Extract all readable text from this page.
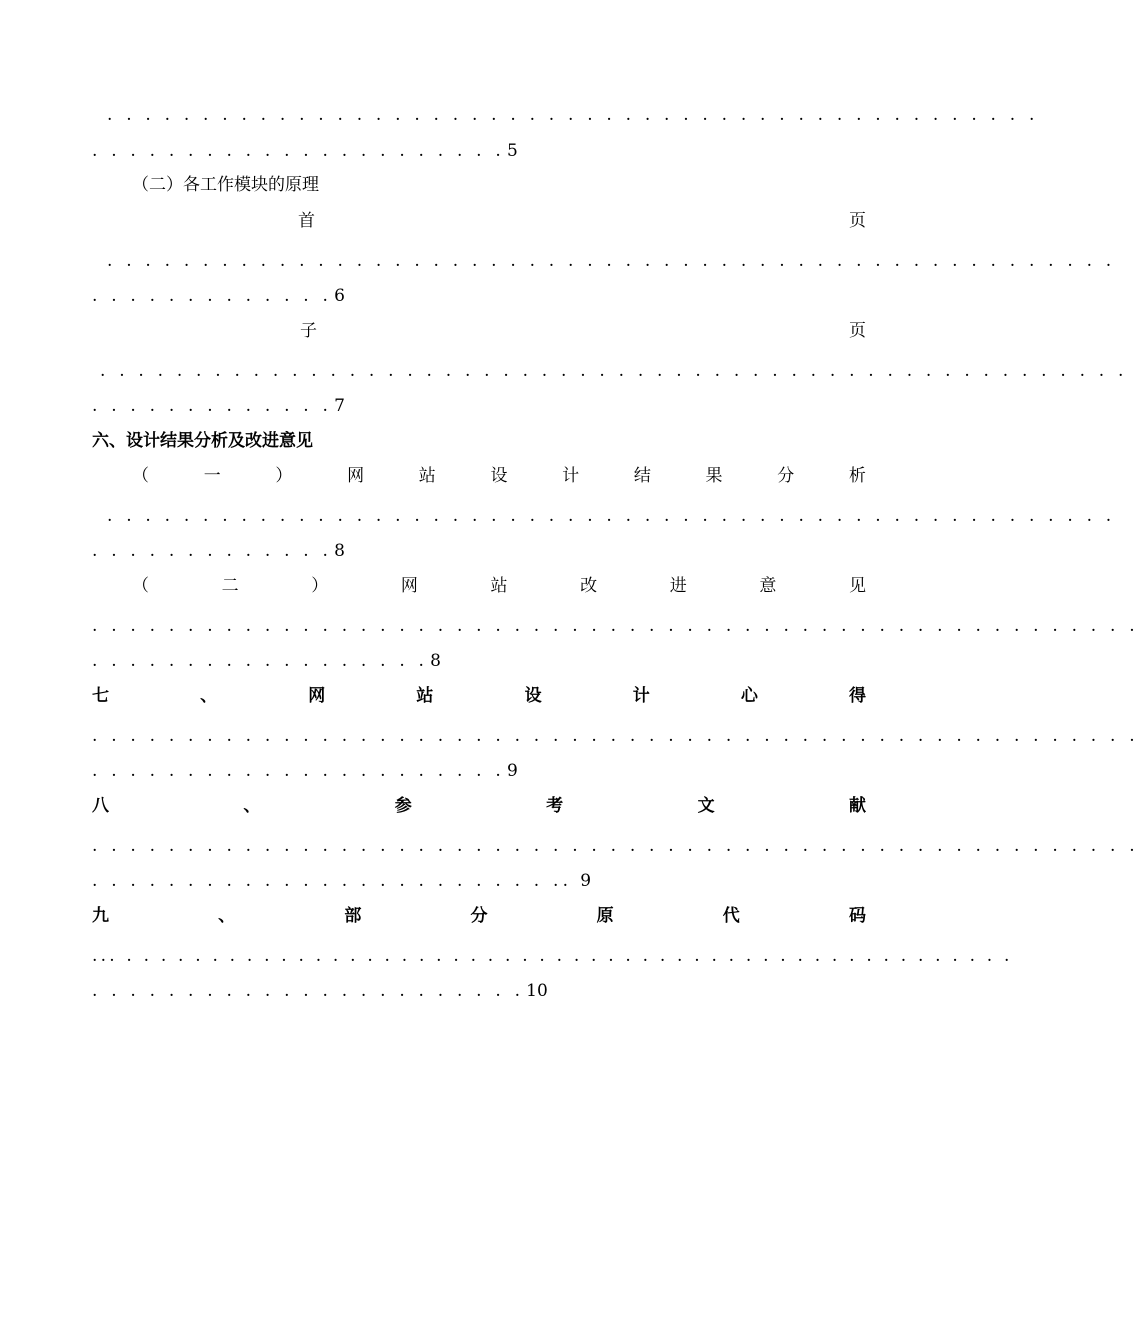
. . . . . . . . . . . . . . . . . . . . . . . . . . . . . . . . . . . . . . . . . . . . . . . . .
. . . . . . . . . . . . . . . . . . . . . . 5
（二）各工作模块的原理
首	页
. . . . . . . . . . . . . . . . . . . . . . . . . . . . . . . . . . . . . . . . . . . . . . . . . . . . .
. . . . . . . . . . . . . 6
子	页
. . . . . . . . . . . . . . . . . . . . . . . . . . . . . . . . . . . . . . . . . . . . . . . . . . . . . .
. . . . . . . . . . . . . 7
六、设计结果分析及改进意见
（	一	）	网	站	设	计	结	果	分	析
. . . . . . . . . . . . . . . . . . . . . . . . . . . . . . . . . . . . . . . . . . . . . . . . . . . . .
. . . . . . . . . . . . . 8
（	二	）	网	站	改	进	意	见
. . . . . . . . . . . . . . . . . . . . . . . . . . . . . . . . . . . . . . . . . . . . . . . . . . . . . . .
. . . . . . . . . . . . . . . . . . 8
七	、	网	站	设	计	心	得
. . . . . . . . . . . . . . . . . . . . . . . . . . . . . . . . . . . . . . . . . . . . . . . . . . . . . . .
. . . . . . . . . . . . . . . . . . . . . . 9
八	、	参	考	文	献
. . . . . . . . . . . . . . . . . . . . . . . . . . . . . . . . . . . . . . . . . . . . . . . . . . . . . . .
. . . . . . . . . . . . . . . . . . . . . . . . .. 9
九	、	部	分	原	代	码
... . . . . . . . . . . . . . . . . . . . . . . . . . . . . . . . . . . . . . . . . . . . . . . . . . . . .
. . . . . . . . . . . . . . . . . . . . . . . 10
